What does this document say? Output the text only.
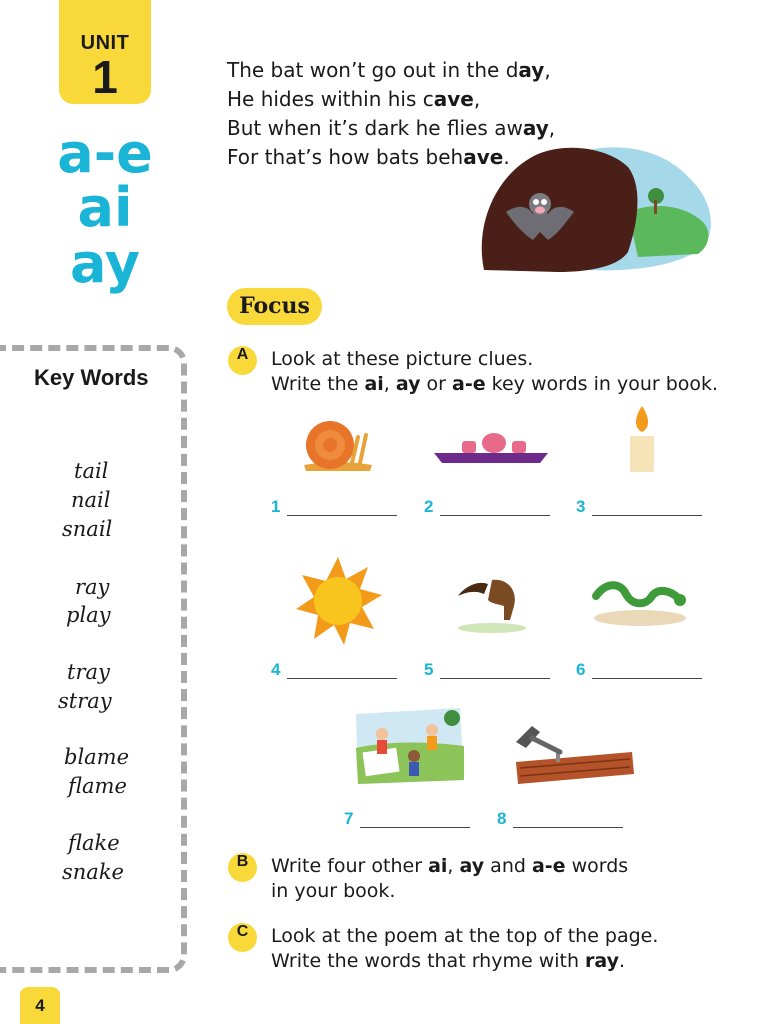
UNIT
1
a-e
ai
ay
The bat won’t go out in the day,
He hides within his cave,
But when it’s dark he flies away,
For that’s how bats behave.
Focus
Key Words
tail
nail
snail
ray
play
tray
stray
blame
flame
flake
snake
A	Look at these picture clues.
Write the ai, ay or a-e key words in your book.
1	2	3
4	5	6
7	8
B	Write four other ai, ay and a-e words
in your book.
C	Look at the poem at the top of the page.
Write the words that rhyme with ray.
4
